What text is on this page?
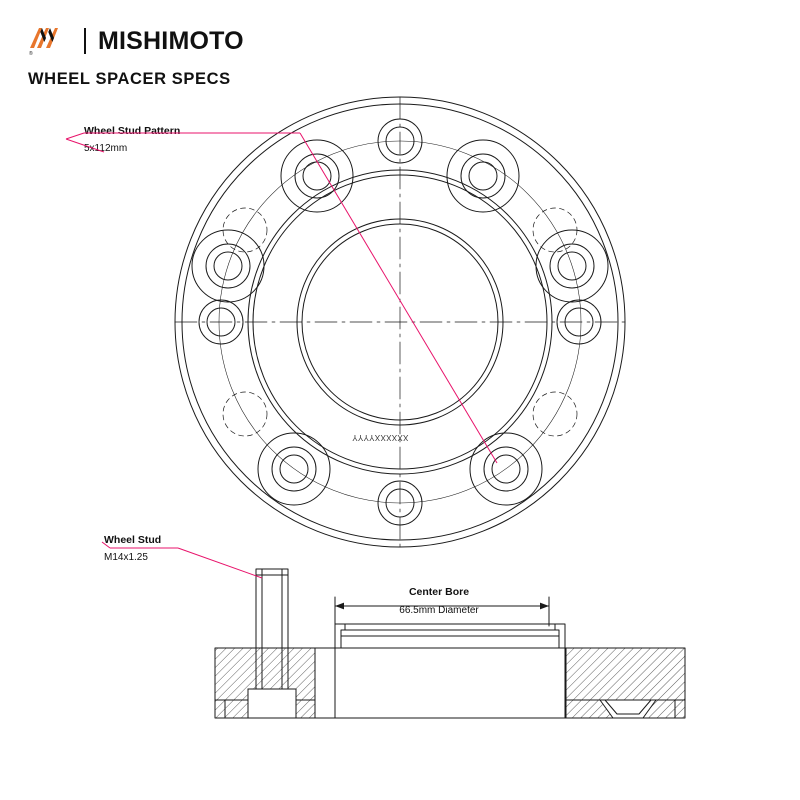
®	MISHIMOTO
WHEEL SPACER SPECS
Wheel Stud Pattern
5x112mm
Wheel Stud
M14x1.25
Center Bore
66.5mm Diameter
XXXXXXYYYY
